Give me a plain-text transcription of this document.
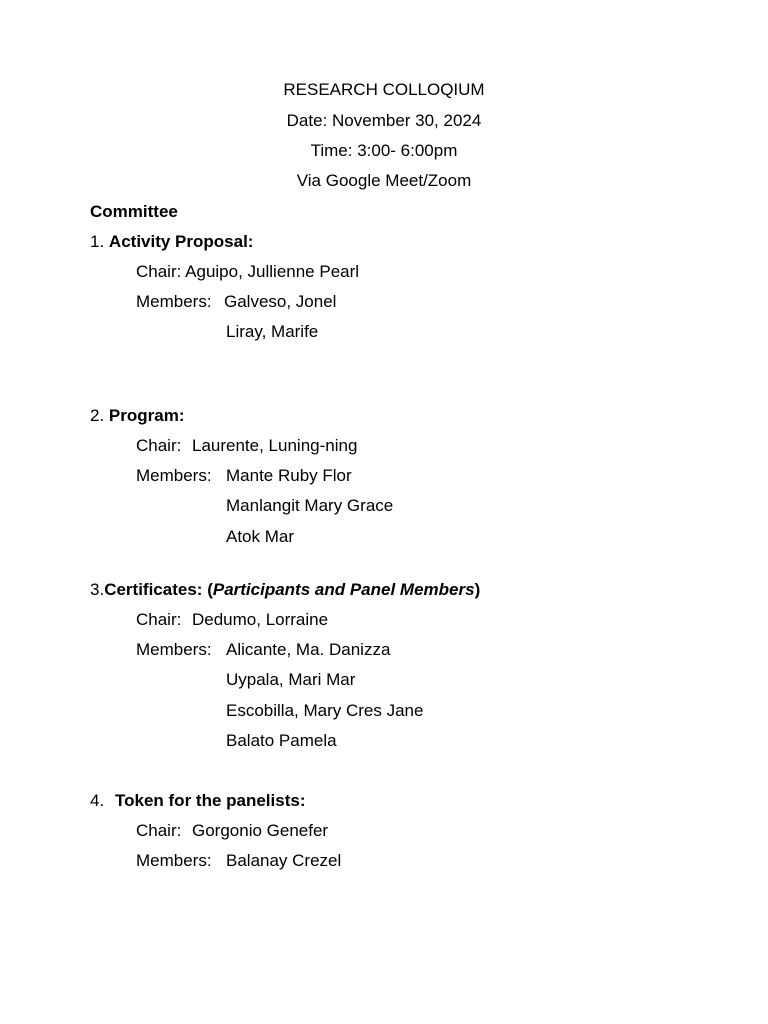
RESEARCH COLLOQIUM
Date: November 30, 2024
Time: 3:00- 6:00pm
Via Google Meet/Zoom
Committee
1. Activity Proposal:
Chair: Aguipo, Jullienne Pearl
Members: Galveso, Jonel
Liray, Marife
2. Program:
Chair: Laurente, Luning-ning
Members: Mante Ruby Flor
Manlangit Mary Grace
Atok Mar
3.Certificates: (Participants and Panel Members)
Chair: Dedumo, Lorraine
Members: Alicante, Ma. Danizza
Uypala, Mari Mar
Escobilla, Mary Cres Jane
Balato Pamela
4. Token for the panelists:
Chair: Gorgonio Genefer
Members: Balanay Crezel
